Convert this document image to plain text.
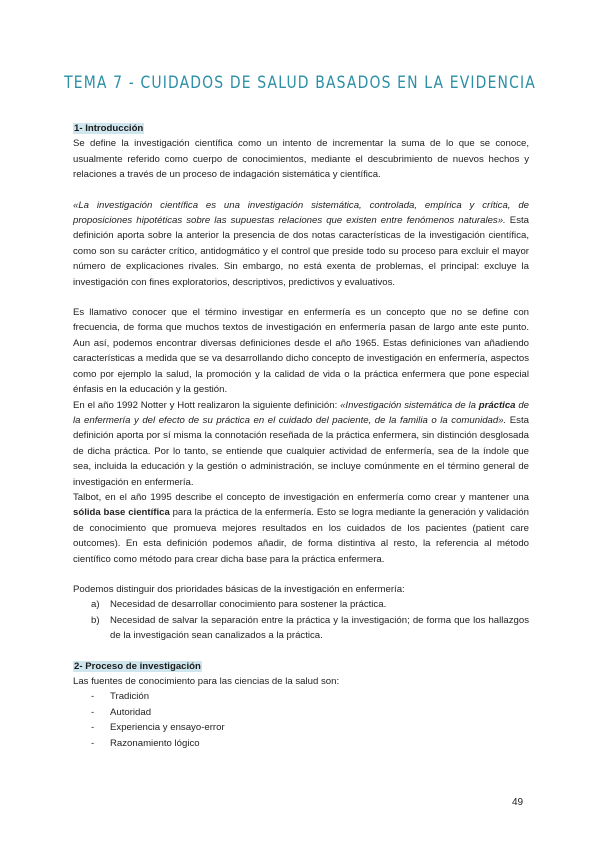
TEMA 7 - CUIDADOS DE SALUD BASADOS EN LA EVIDENCIA

1- Introducción

Se define la investigación científica como un intento de incrementar la suma de lo que se conoce, usualmente referido como cuerpo de conocimientos, mediante el descubrimiento de nuevos hechos y relaciones a través de un proceso de indagación sistemática y científica.

«La investigación científica es una investigación sistemática, controlada, empírica y crítica, de proposiciones hipotéticas sobre las supuestas relaciones que existen entre fenómenos naturales». Esta definición aporta sobre la anterior la presencia de dos notas características de la investigación científica, como son su carácter crítico, antidogmático y el control que preside todo su proceso para excluir el mayor número de explicaciones rivales. Sin embargo, no está exenta de problemas, el principal: excluye la investigación con fines exploratorios, descriptivos, predictivos y evaluativos.

Es llamativo conocer que el término investigar en enfermería es un concepto que no se define con frecuencia, de forma que muchos textos de investigación en enfermería pasan de largo ante este punto. Aun así, podemos encontrar diversas definiciones desde el año 1965. Estas definiciones van añadiendo características a medida que se va desarrollando dicho concepto de investigación en enfermería, aspectos como por ejemplo la salud, la promoción y la calidad de vida o la práctica enfermera que pone especial énfasis en la educación y la gestión.

En el año 1992 Notter y Hott realizaron la siguiente definición: «Investigación sistemática de la práctica de la enfermería y del efecto de su práctica en el cuidado del paciente, de la familia o la comunidad». Esta definición aporta por sí misma la connotación reseñada de la práctica enfermera, sin distinción desglosada de dicha práctica. Por lo tanto, se entiende que cualquier actividad de enfermería, sea de la índole que sea, incluida la educación y la gestión o administración, se incluye comúnmente en el término general de investigación en enfermería.

Talbot, en el año 1995 describe el concepto de investigación en enfermería como crear y mantener una sólida base científica para la práctica de la enfermería. Esto se logra mediante la generación y validación de conocimiento que promueva mejores resultados en los cuidados de los pacientes (patient care outcomes). En esta definición podemos añadir, de forma distintiva al resto, la referencia al método científico como método para crear dicha base para la práctica enfermera.

Podemos distinguir dos prioridades básicas de la investigación en enfermería:

a) Necesidad de desarrollar conocimiento para sostener la práctica.
b) Necesidad de salvar la separación entre la práctica y la investigación; de forma que los hallazgos de la investigación sean canalizados a la práctica.

2- Proceso de investigación

Las fuentes de conocimiento para las ciencias de la salud son:

- Tradición
- Autoridad
- Experiencia y ensayo-error
- Razonamiento lógico
49
